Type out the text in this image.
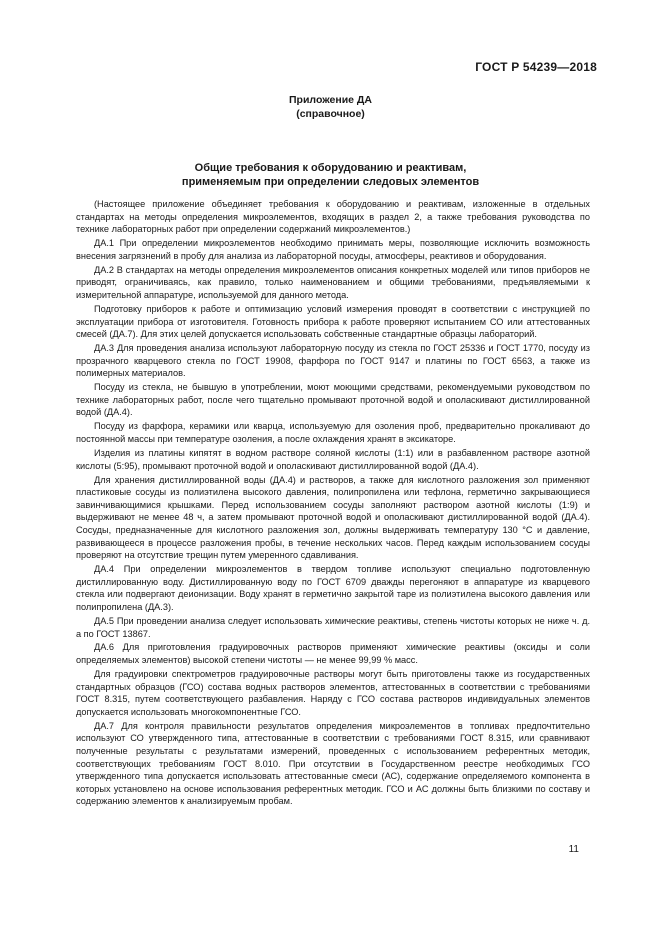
ГОСТ Р 54239—2018
Приложение ДА
(справочное)
Общие требования к оборудованию и реактивам,
применяемым при определении следовых элементов

(Настоящее приложение объединяет требования к оборудованию и реактивам, изложенные в отдельных стандартах на методы определения микроэлементов, входящих в раздел 2, а также требования руководства по технике лабораторных работ при определении содержаний микроэлементов.)

ДА.1 При определении микроэлементов необходимо принимать меры, позволяющие исключить возможность внесения загрязнений в пробу для анализа из лабораторной посуды, атмосферы, реактивов и оборудования.

ДА.2 В стандартах на методы определения микроэлементов описания конкретных моделей или типов приборов не приводят, ограничиваясь, как правило, только наименованием и общими требованиями, предъявляемыми к измерительной аппаратуре, используемой для данного метода.

Подготовку приборов к работе и оптимизацию условий измерения проводят в соответствии с инструкцией по эксплуатации прибора от изготовителя. Готовность прибора к работе проверяют испытанием СО или аттестованных смесей (ДА.7). Для этих целей допускается использовать собственные стандартные образцы лабораторий.

ДА.3 Для проведения анализа используют лабораторную посуду из стекла по ГОСТ 25336 и ГОСТ 1770, посуду из прозрачного кварцевого стекла по ГОСТ 19908, фарфора по ГОСТ 9147 и платины по ГОСТ 6563, а также из полимерных материалов.

Посуду из стекла, не бывшую в употреблении, моют моющими средствами, рекомендуемыми руководством по технике лабораторных работ, после чего тщательно промывают проточной водой и ополаскивают дистиллированной водой (ДА.4).

Посуду из фарфора, керамики или кварца, используемую для озоления проб, предварительно прокаливают до постоянной массы при температуре озоления, а после охлаждения хранят в эксикаторе.

Изделия из платины кипятят в водном растворе соляной кислоты (1:1) или в разбавленном растворе азотной кислоты (5:95), промывают проточной водой и ополаскивают дистиллированной водой (ДА.4).

Для хранения дистиллированной воды (ДА.4) и растворов, а также для кислотного разложения зол применяют пластиковые сосуды из полиэтилена высокого давления, полипропилена или тефлона, герметично закрывающиеся завинчивающимися крышками. Перед использованием сосуды заполняют раствором азотной кислоты (1:9) и выдерживают не менее 48 ч, а затем промывают проточной водой и ополаскивают дистиллированной водой (ДА.4). Сосуды, предназначенные для кислотного разложения зол, должны выдерживать температуру 130 °С и давление, развивающееся в процессе разложения пробы, в течение нескольких часов. Перед каждым использованием сосуды проверяют на отсутствие трещин путем умеренного сдавливания.

ДА.4 При определении микроэлементов в твердом топливе используют специально подготовленную дистиллированную воду. Дистиллированную воду по ГОСТ 6709 дважды перегоняют в аппаратуре из кварцевого стекла или подвергают деионизации. Воду хранят в герметично закрытой таре из полиэтилена высокого давления или полипропилена (ДА.3).

ДА.5 При проведении анализа следует использовать химические реактивы, степень чистоты которых не ниже ч. д. а по ГОСТ 13867.

ДА.6 Для приготовления градуировочных растворов применяют химические реактивы (оксиды и соли определяемых элементов) высокой степени чистоты — не менее 99,99 % масс.

Для градуировки спектрометров градуировочные растворы могут быть приготовлены также из государственных стандартных образцов (ГСО) состава водных растворов элементов, аттестованных в соответствии с требованиями ГОСТ 8.315, путем соответствующего разбавления. Наряду с ГСО состава растворов индивидуальных элементов допускается использовать многокомпонентные ГСО.

ДА.7 Для контроля правильности результатов определения микроэлементов в топливах предпочтительно используют СО утвержденного типа, аттестованные в соответствии с требованиями ГОСТ 8.315, или сравнивают полученные результаты с результатами измерений, проведенных с использованием референтных методик, соответствующих требованиям ГОСТ 8.010. При отсутствии в Государственном реестре необходимых ГСО утвержденного типа допускается использовать аттестованные смеси (АС), содержание определяемого компонента в которых установлено на основе использования референтных методик. ГСО и АС должны быть близкими по составу и содержанию элементов к анализируемым пробам.

11
